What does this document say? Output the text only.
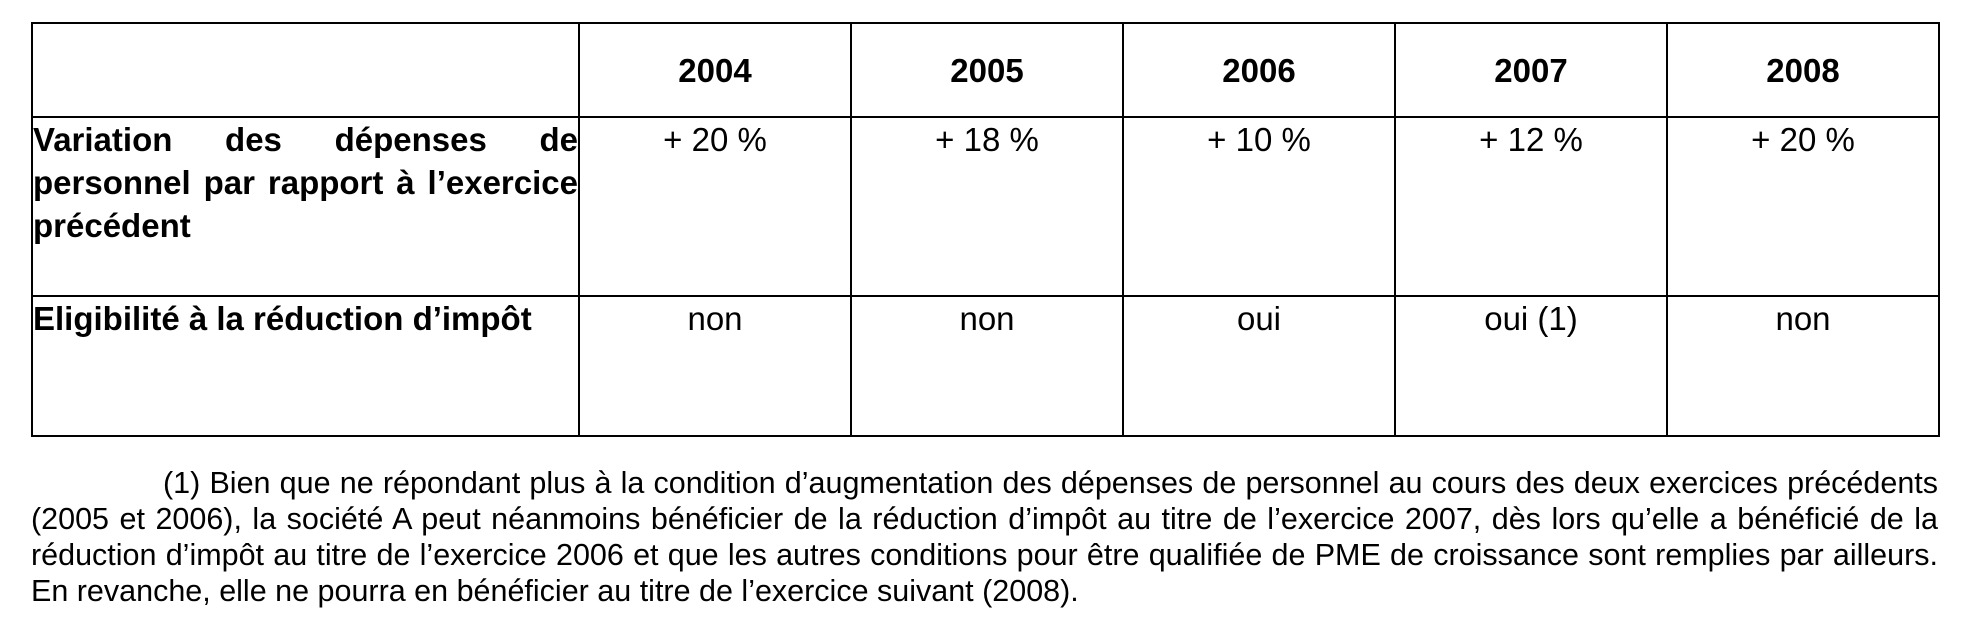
	2004	2005	2006	2007	2008
Variation des dépenses de personnel par rapport à l’exercice précédent	+ 20 %	+ 18 %	+ 10 %	+ 12 %	+ 20 %
Eligibilité à la réduction d’impôt	non	non	oui	oui (1)	non

(1) Bien que ne répondant plus à la condition d’augmentation des dépenses de personnel au cours des deux exercices précédents (2005 et 2006), la société A peut néanmoins bénéficier de la réduction d’impôt au titre de l’exercice 2007, dès lors qu’elle a bénéficié de la réduction d’impôt au titre de l’exercice 2006 et que les autres conditions pour être qualifiée de PME de croissance sont remplies par ailleurs. En revanche, elle ne pourra en bénéficier au titre de l’exercice suivant (2008).
